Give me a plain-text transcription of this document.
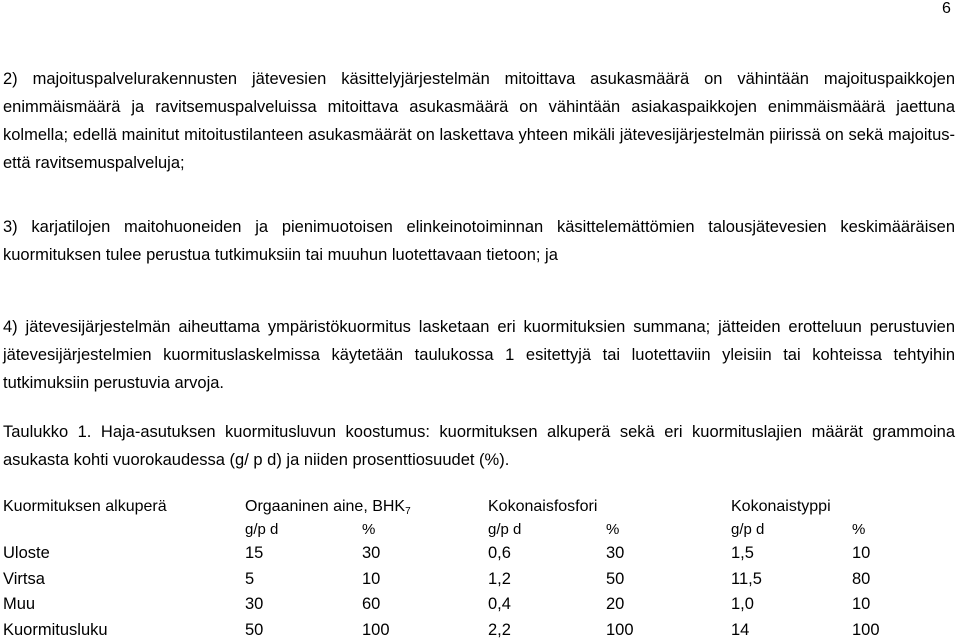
6

2) majoituspalvelurakennusten jätevesien käsittelyjärjestelmän mitoittava asukasmäärä on vähintään majoituspaikkojen enimmäismäärä ja ravitsemuspalveluissa mitoittava asukasmäärä on vähintään asiakaspaikkojen enimmäismäärä jaettuna kolmella; edellä mainitut mitoitustilanteen asukasmäärät on laskettava yhteen mikäli jätevesijärjestelmän piirissä on sekä majoitus- että ravitsemuspalveluja;

3) karjatilojen maitohuoneiden ja pienimuotoisen elinkeinotoiminnan käsittelemättömien talousjätevesien keskimääräisen kuormituksen tulee perustua tutkimuksiin tai muuhun luotettavaan tietoon; ja

4) jätevesijärjestelmän aiheuttama ympäristökuormitus lasketaan eri kuormituksien summana; jätteiden erotteluun perustuvien jätevesijärjestelmien kuormituslaskelmissa käytetään taulukossa 1 esitettyjä tai luotettaviin yleisiin tai kohteissa tehtyihin tutkimuksiin perustuvia arvoja.

Taulukko 1. Haja-asutuksen kuormitusluvun koostumus: kuormituksen alkuperä sekä eri kuormituslajien määrät grammoina asukasta kohti vuorokaudessa (g/ p d) ja niiden prosenttiosuudet (%).

Kuormituksen alkuperä	Orgaaninen aine, $BHK_7$		Kokonaisfosfori		Kokonaistyppi	
	g/p d	%	g/p d	%	g/p d	%
Uloste	15	30	0,6	30	1,5	10
Virtsa	5	10	1,2	50	11,5	80
Muu	30	60	0,4	20	1,0	10
Kuormitusluku	50	100	2,2	100	14	100
